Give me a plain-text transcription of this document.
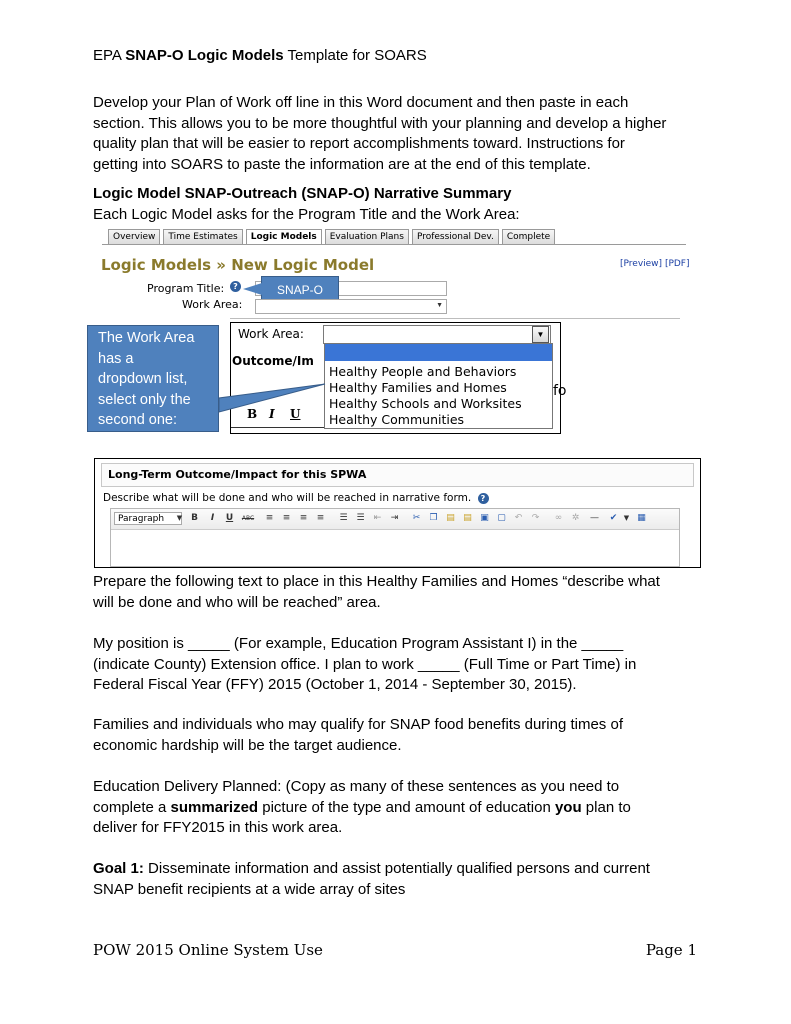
EPA SNAP-O Logic Models Template for SOARS
Develop your Plan of Work off line in this Word document and then paste in each
section. This allows you to be more thoughtful with your planning and develop a higher
quality plan that will be easier to report accomplishments toward. Instructions for
getting into SOARS to paste the information are at the end of this template.
Logic Model SNAP-Outreach (SNAP-O) Narrative Summary
Each Logic Model asks for the Program Title and the Work Area:
Overview	Time Estimates	Logic Models	Evaluation Plans	Professional Dev.	Complete
Logic Models » New Logic Model	[Preview] [PDF]
Program Title:	?	SNAP-O
Work Area:	▼
Work Area:	▼
Outcome/Im
fo
B I U
Healthy People and Behaviors
Healthy Families and Homes
Healthy Schools and Worksites
Healthy Communities
The Work Area
has a
dropdown list,
select only the
second one:
Long-Term Outcome/Impact for this SPWA
Describe what will be done and who will be reached in narrative form. ?
Paragraph	▼ B	I	U	ABC ≡ ≡ ≡ ≡ ☰ ☰ ⇤ ⇥ ✂ ❐ ▤ ▤ ▣ ▢ ↶ ↷ ∞ ✲ — ✔ ▼ ▦
Prepare the following text to place in this Healthy Families and Homes “describe what
will be done and who will be reached” area.
My position is _____ (For example, Education Program Assistant I) in the _____
(indicate County) Extension office. I plan to work _____ (Full Time or Part Time) in
Federal Fiscal Year (FFY) 2015 (October 1, 2014 - September 30, 2015).
Families and individuals who may qualify for SNAP food benefits during times of
economic hardship will be the target audience.
Education Delivery Planned: (Copy as many of these sentences as you need to
complete a summarized picture of the type and amount of education you plan to
deliver for FFY2015 in this work area.
Goal 1: Disseminate information and assist potentially qualified persons and current
SNAP benefit recipients at a wide array of sites
POW 2015 Online System Use	Page 1
